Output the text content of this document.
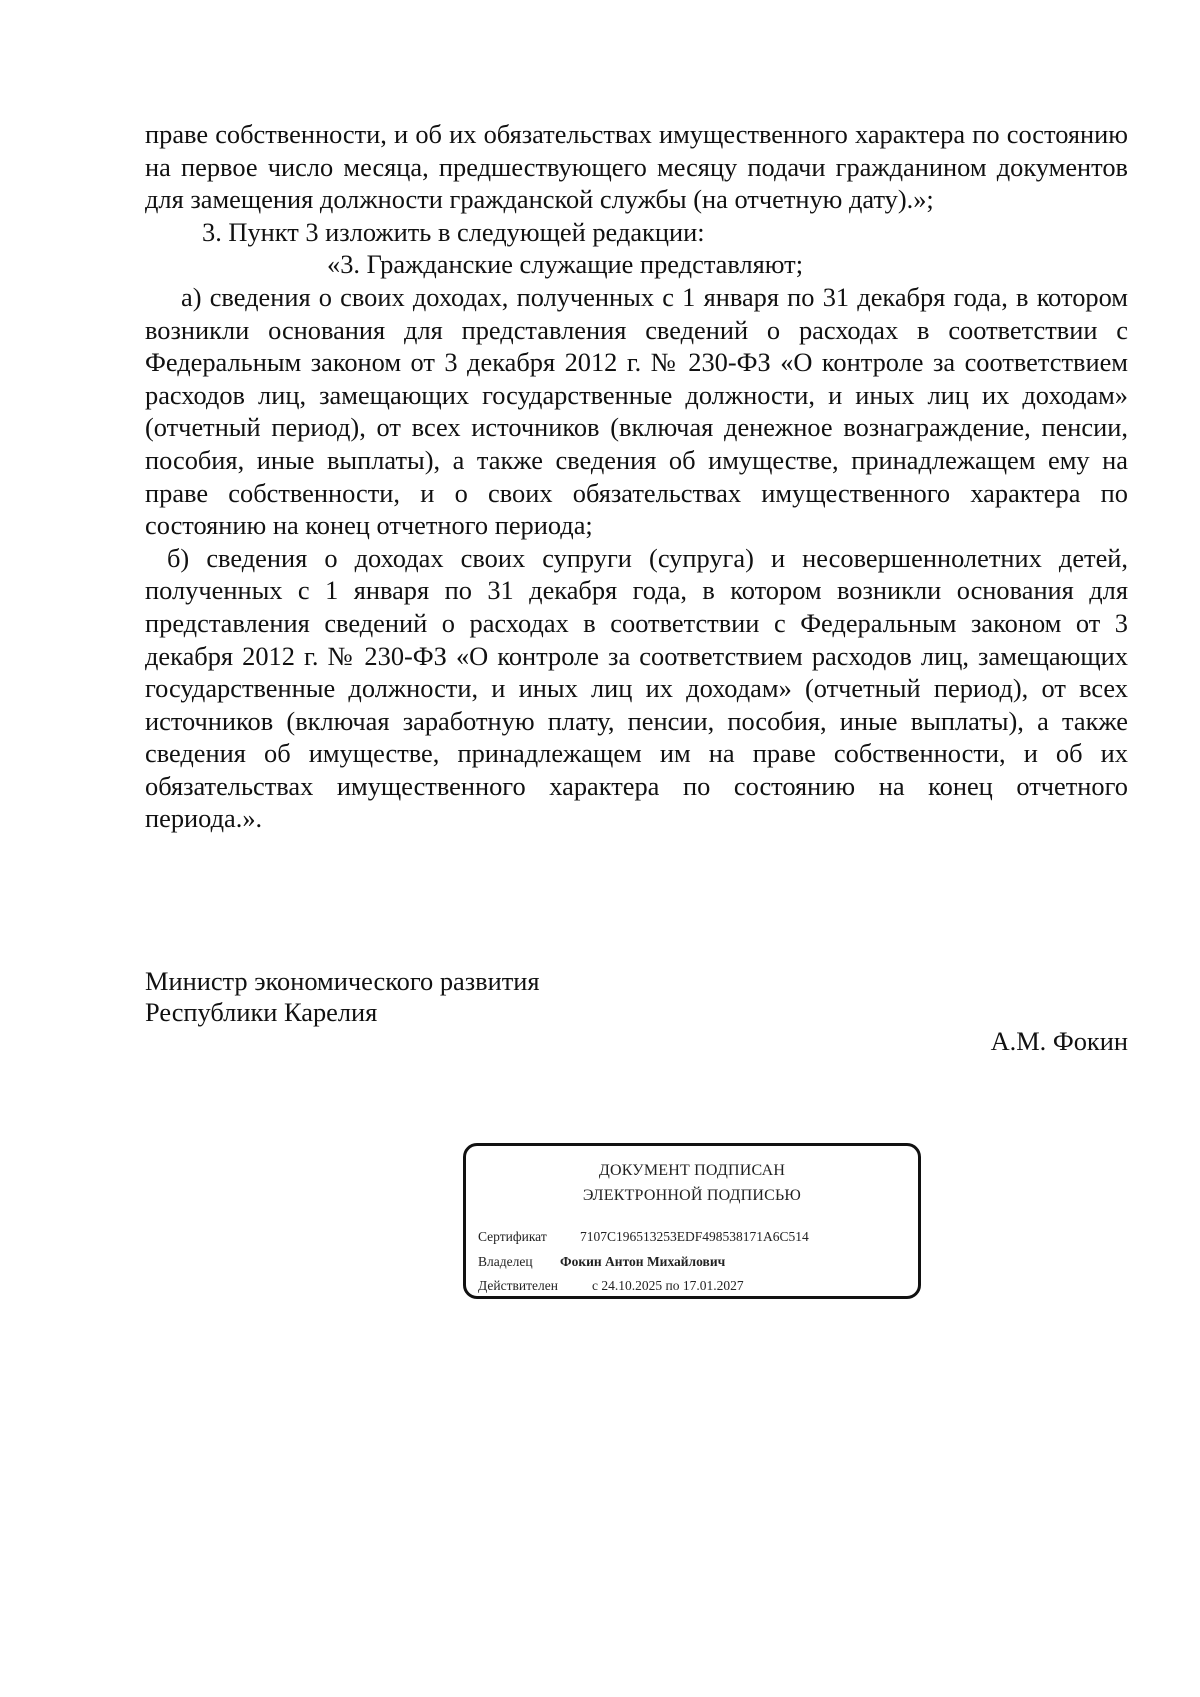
праве собственности, и об их обязательствах имущественного характера по состоянию на первое число месяца, предшествующего месяцу подачи гражданином документов для замещения должности гражданской службы (на отчетную дату).»;

3. Пункт 3 изложить в следующей редакции:

«3. Гражданские служащие представляют;

а) сведения о своих доходах, полученных с 1 января по 31 декабря года, в котором возникли основания для представления сведений о расходах в соответствии с Федеральным законом от 3 декабря 2012 г. № 230-ФЗ «О контроле за соответствием расходов лиц, замещающих государственные должности, и иных лиц их доходам» (отчетный период), от всех источников (включая денежное вознаграждение, пенсии, пособия, иные выплаты), а также сведения об имуществе, принадлежащем ему на праве собственности, и о своих обязательствах имущественного характера по состоянию на конец отчетного периода;

б) сведения о доходах своих супруги (супруга) и несовершеннолетних детей, полученных с 1 января по 31 декабря года, в котором возникли основания для представления сведений о расходах в соответствии с Федеральным законом от 3 декабря 2012 г. № 230-ФЗ «О контроле за соответствием расходов лиц, замещающих государственные должности, и иных лиц их доходам» (отчетный период), от всех источников (включая заработную плату, пенсии, пособия, иные выплаты), а также сведения об имуществе, принадлежащем им на праве собственности, и об их обязательствах имущественного характера по состоянию на конец отчетного периода.».

Министр экономического развития
Республики Карелия
А.М. Фокин
ДОКУМЕНТ ПОДПИСАН
ЭЛЕКТРОННОЙ ПОДПИСЬЮ
Сертификат 7107C196513253EDF498538171A6C514
Владелец Фокин Антон Михайлович
Действителен	с 24.10.2025 по 17.01.2027
